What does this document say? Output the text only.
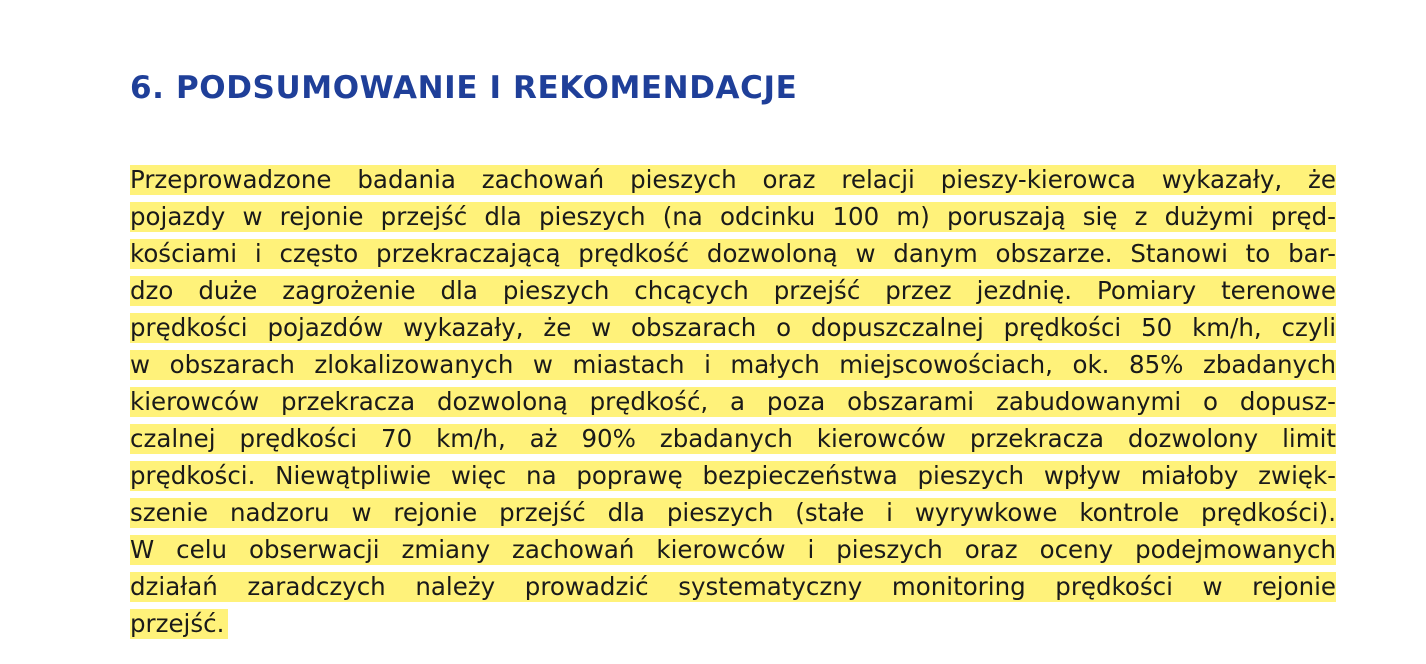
6. PODSUMOWANIE I REKOMENDACJE
Przeprowadzone badania zachowań pieszych oraz relacji pieszy-kierowca wykazały, że
pojazdy w rejonie przejść dla pieszych (na odcinku 100 m) poruszają się z dużymi pręd-
kościami i często przekraczającą prędkość dozwoloną w danym obszarze. Stanowi to bar-
dzo duże zagrożenie dla pieszych chcących przejść przez jezdnię. Pomiary terenowe
prędkości pojazdów wykazały, że w obszarach o dopuszczalnej prędkości 50 km/h, czyli
w obszarach zlokalizowanych w miastach i małych miejscowościach, ok. 85% zbadanych
kierowców przekracza dozwoloną prędkość, a poza obszarami zabudowanymi o dopusz-
czalnej prędkości 70 km/h, aż 90% zbadanych kierowców przekracza dozwolony limit
prędkości. Niewątpliwie więc na poprawę bezpieczeństwa pieszych wpływ miałoby zwięk-
szenie nadzoru w rejonie przejść dla pieszych (stałe i wyrywkowe kontrole prędkości).
W celu obserwacji zmiany zachowań kierowców i pieszych oraz oceny podejmowanych
działań zaradczych należy prowadzić systematyczny monitoring prędkości w rejonie
przejść.
